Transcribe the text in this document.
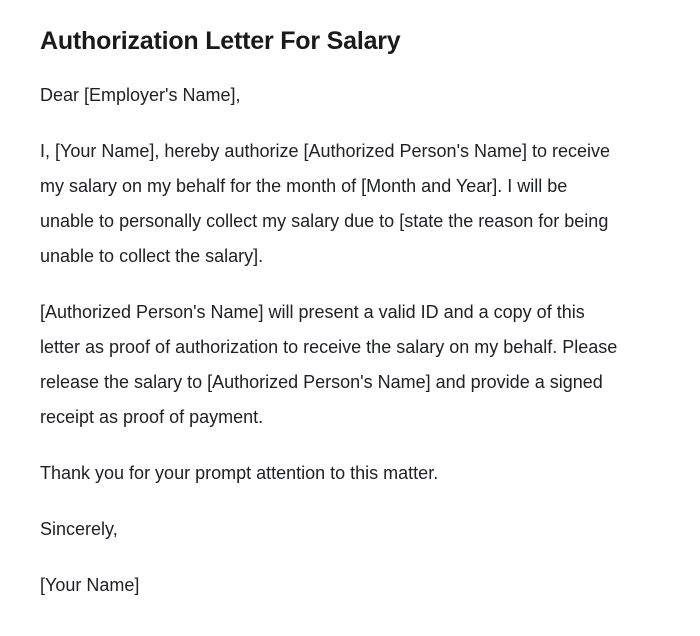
Authorization Letter For Salary

Dear [Employer's Name],

I, [Your Name], hereby authorize [Authorized Person's Name] to receive my salary on my behalf for the month of [Month and Year]. I will be unable to personally collect my salary due to [state the reason for being unable to collect the salary].

[Authorized Person's Name] will present a valid ID and a copy of this letter as proof of authorization to receive the salary on my behalf. Please release the salary to [Authorized Person's Name] and provide a signed receipt as proof of payment.

Thank you for your prompt attention to this matter.

Sincerely,

[Your Name]
